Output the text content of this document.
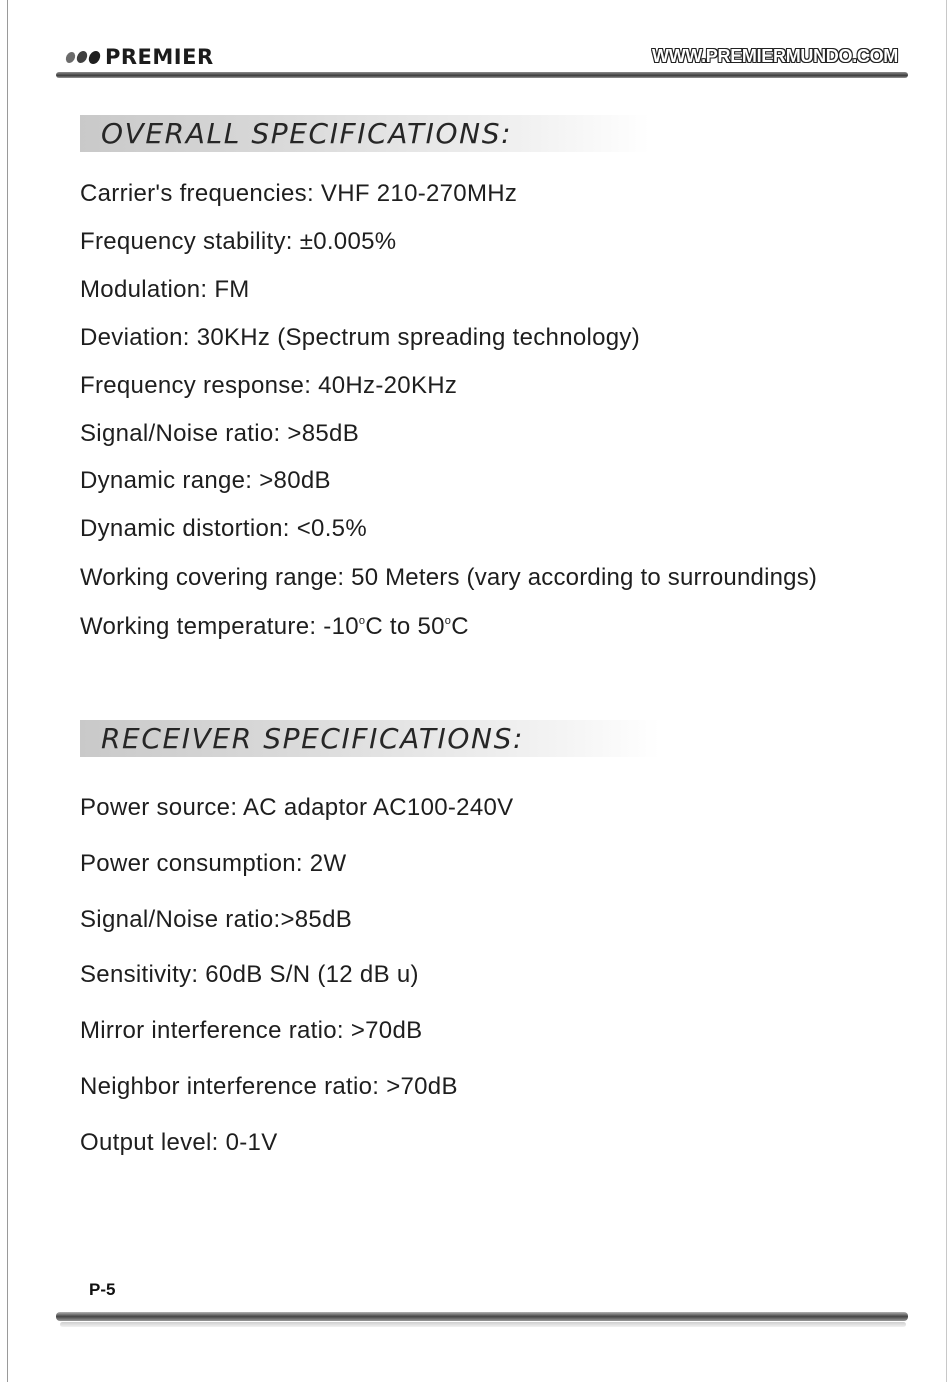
PREMIER	WWW.PREMIERMUNDO.COM
OVERALL SPECIFICATIONS:
Carrier's frequencies: VHF 210-270MHz
Frequency stability: ±0.005%
Modulation: FM
Deviation: 30KHz (Spectrum spreading technology)
Frequency response: 40Hz-20KHz
Signal/Noise ratio: >85dB
Dynamic range: >80dB
Dynamic distortion: <0.5%
Working covering range: 50 Meters (vary according to surroundings)
Working temperature: -10$^o$C to 50$^o$C
RECEIVER SPECIFICATIONS:
Power source: AC adaptor AC100-240V
Power consumption: 2W
Signal/Noise ratio:>85dB
Sensitivity: 60dB S/N (12 dB u)
Mirror interference ratio: >70dB
Neighbor interference ratio: >70dB
Output level: 0-1V
P-5
